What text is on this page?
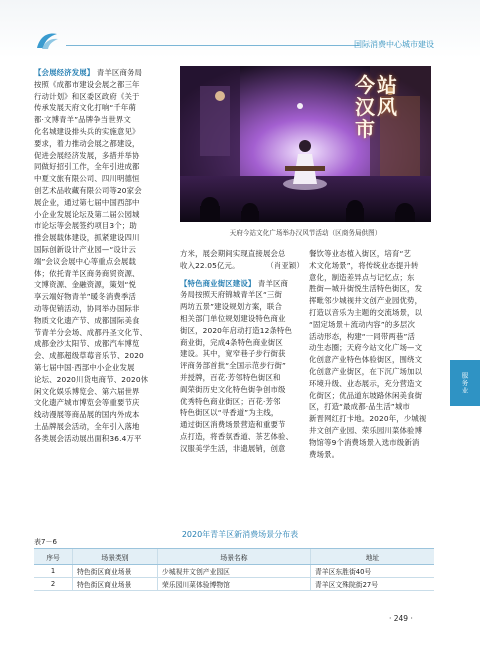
国际消费中心城市建设
【会展经济发展】 青羊区商务局
按照《成都市建设会展之都三年
行动计划》和区委区政府《关于
传承发展天府文化打响“千年萌
都·文博青羊”品牌争当世界文
化名城建设排头兵的实施意见》
要求，着力推动会展之都建设，
促进会展经济发展，多措并举协
同做好招引工作，全年引进成都
中夏文旅有限公司、四川明德恒
创艺术品收藏有限公司等20家会
展企业，通过第七届中国西部中
小企业发展论坛及第二届公园城
市论坛等会展签约项目3个；助
推会展载体建设，抓紧建设四川
国际创新设计产业园—“设计云
端”会议会展中心等重点会展载
体；依托青羊区商务商贸资源、
文博资源、金融资源，策划“悦
享云端好物青羊”暖冬消费季活
动等促销活动，协同举办国际非
物质文化遗产节、成都国际美食
节青羊分会场、成都丹圣文化节、
成都金沙太阳节、成都汽车博览
会、成都超级草莓音乐节、2020
第七届中国·西部中小企业发展
论坛、2020川货电商节、2020休
闲文化娱乐博览会、第六届世界
文化遗产城市博览会等重要节庆
线动漫展等商品展的国内外成本
土品牌展会活动，全年引入落地
各类展会活动展出面积36.4万平
今站汉风市
天府今站文化广场举办汉风节活动（区商务局供图）
方米，展会期间实现直接展会总
收入22.05亿元。	（肖亚颖）
【特色商业街区建设】 青羊区商
务局按照天府锦城青羊区“三街
两坊五景”建设规划方案，联合
相关部门单位规划建设特色商业
街区，2020年启动打造12条特色
商业街，完成4条特色商业街区
建设。其中，宽窄巷子步行街获
评商务部首批“全国示范步行街”
并授牌，百花·芳邻特色街区和
阆荣街历史文化特色街争创市级
优秀特色商业街区；百花·芳邻
特色街区以“寻香道”为主线，
通过街区消费场景营造和重要节
点打造，将香氛香道、茶艺体验、
汉服美学生活，非遗展销，创意
餐饮等业态植入街区，培育“艺
术文化场景”，将传统业态提升转
意化，制造差异点与记忆点；东
胜街—城升街悦生活特色街区，发
挥毗邻少城视井文创产业园优势，
打造以音乐为主题的交流场景，以
“固定场景＋流动内容”的多层次
活动形态，构建“一同带两巷”活
动生态圈；天府今站文化广场—文
化创意产业特色体验街区，围绕文
化创意产业街区，在下沉广场加以
环境升级、业态展示，充分营造文
化街区；优品道东坡路休闲美食街
区，打造“最成都·品生活”城市
新晋网红打卡地。2020年，少城视
井文创产业园、荣乐园川菜体验博
物馆等9个消费场景入选市级新消
费场景。
服务业
2020年青羊区新消费场景分布表
表7－6
序号	场景类别	场景名称	地址
1	特色街区商业场景	少城视井文创产业园区	青羊区东胜街40号
2	特色街区商业场景	荣乐园川菜体验博物馆	青羊区文殊院街27号
· 249 ·
